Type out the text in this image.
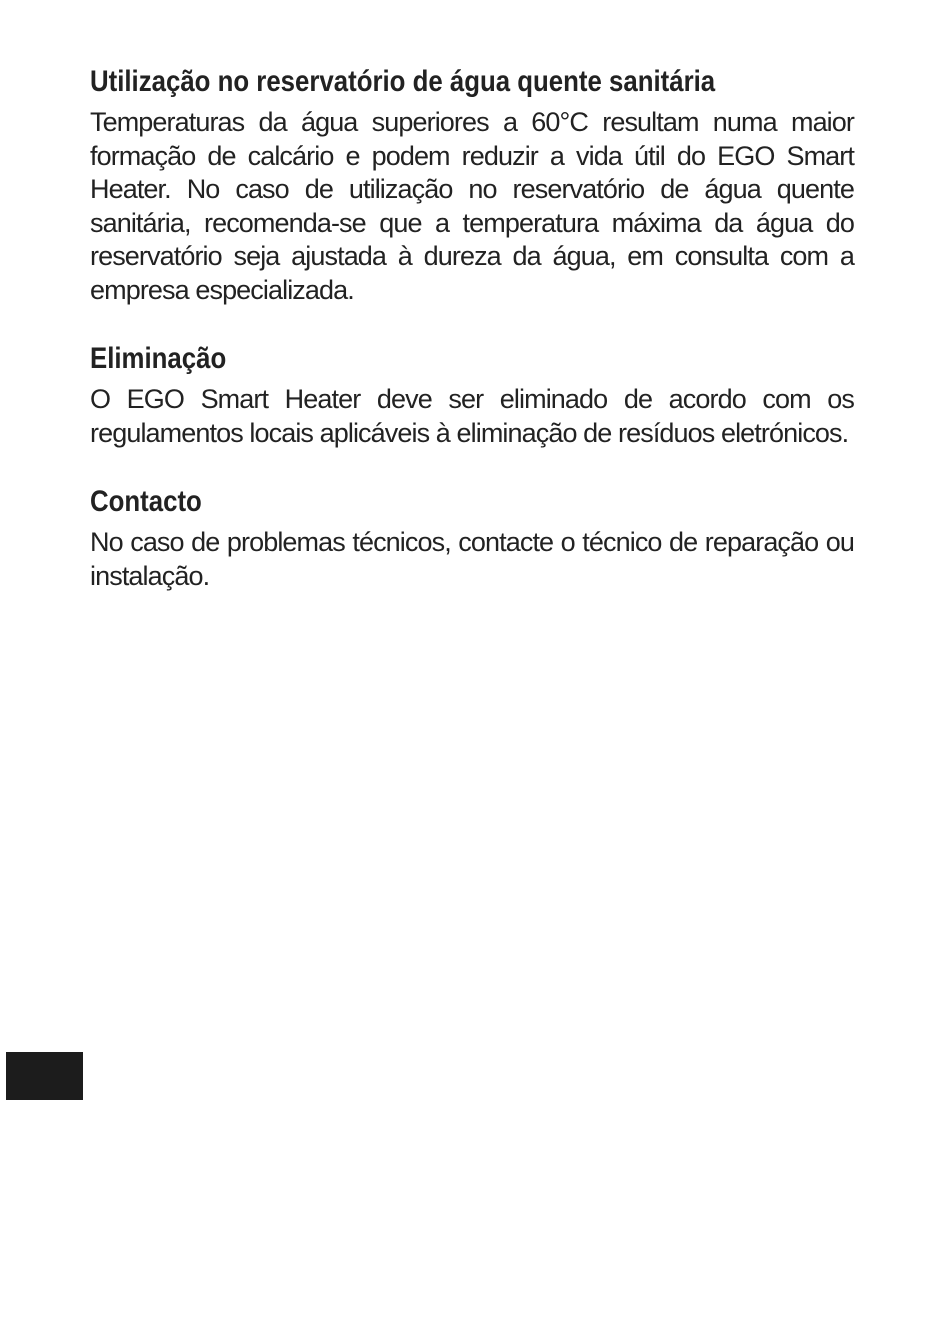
Utilização no reservatório de água quente sanitária

Temperaturas da água superiores a 60°C resultam numa maior formação de calcário e podem reduzir a vida útil do EGO Smart Heater. No caso de utilização no reservatório de água quente sanitária, recomenda-se que a temperatura máxima da água do reservatório seja ajustada à dureza da água, em consulta com a empresa especializada.

Eliminação

O EGO Smart Heater deve ser eliminado de acordo com os regulamentos locais aplicáveis à eliminação de resíduos eletrónicos.

Contacto

No caso de problemas técnicos, contacte o técnico de reparação ou instalação.
